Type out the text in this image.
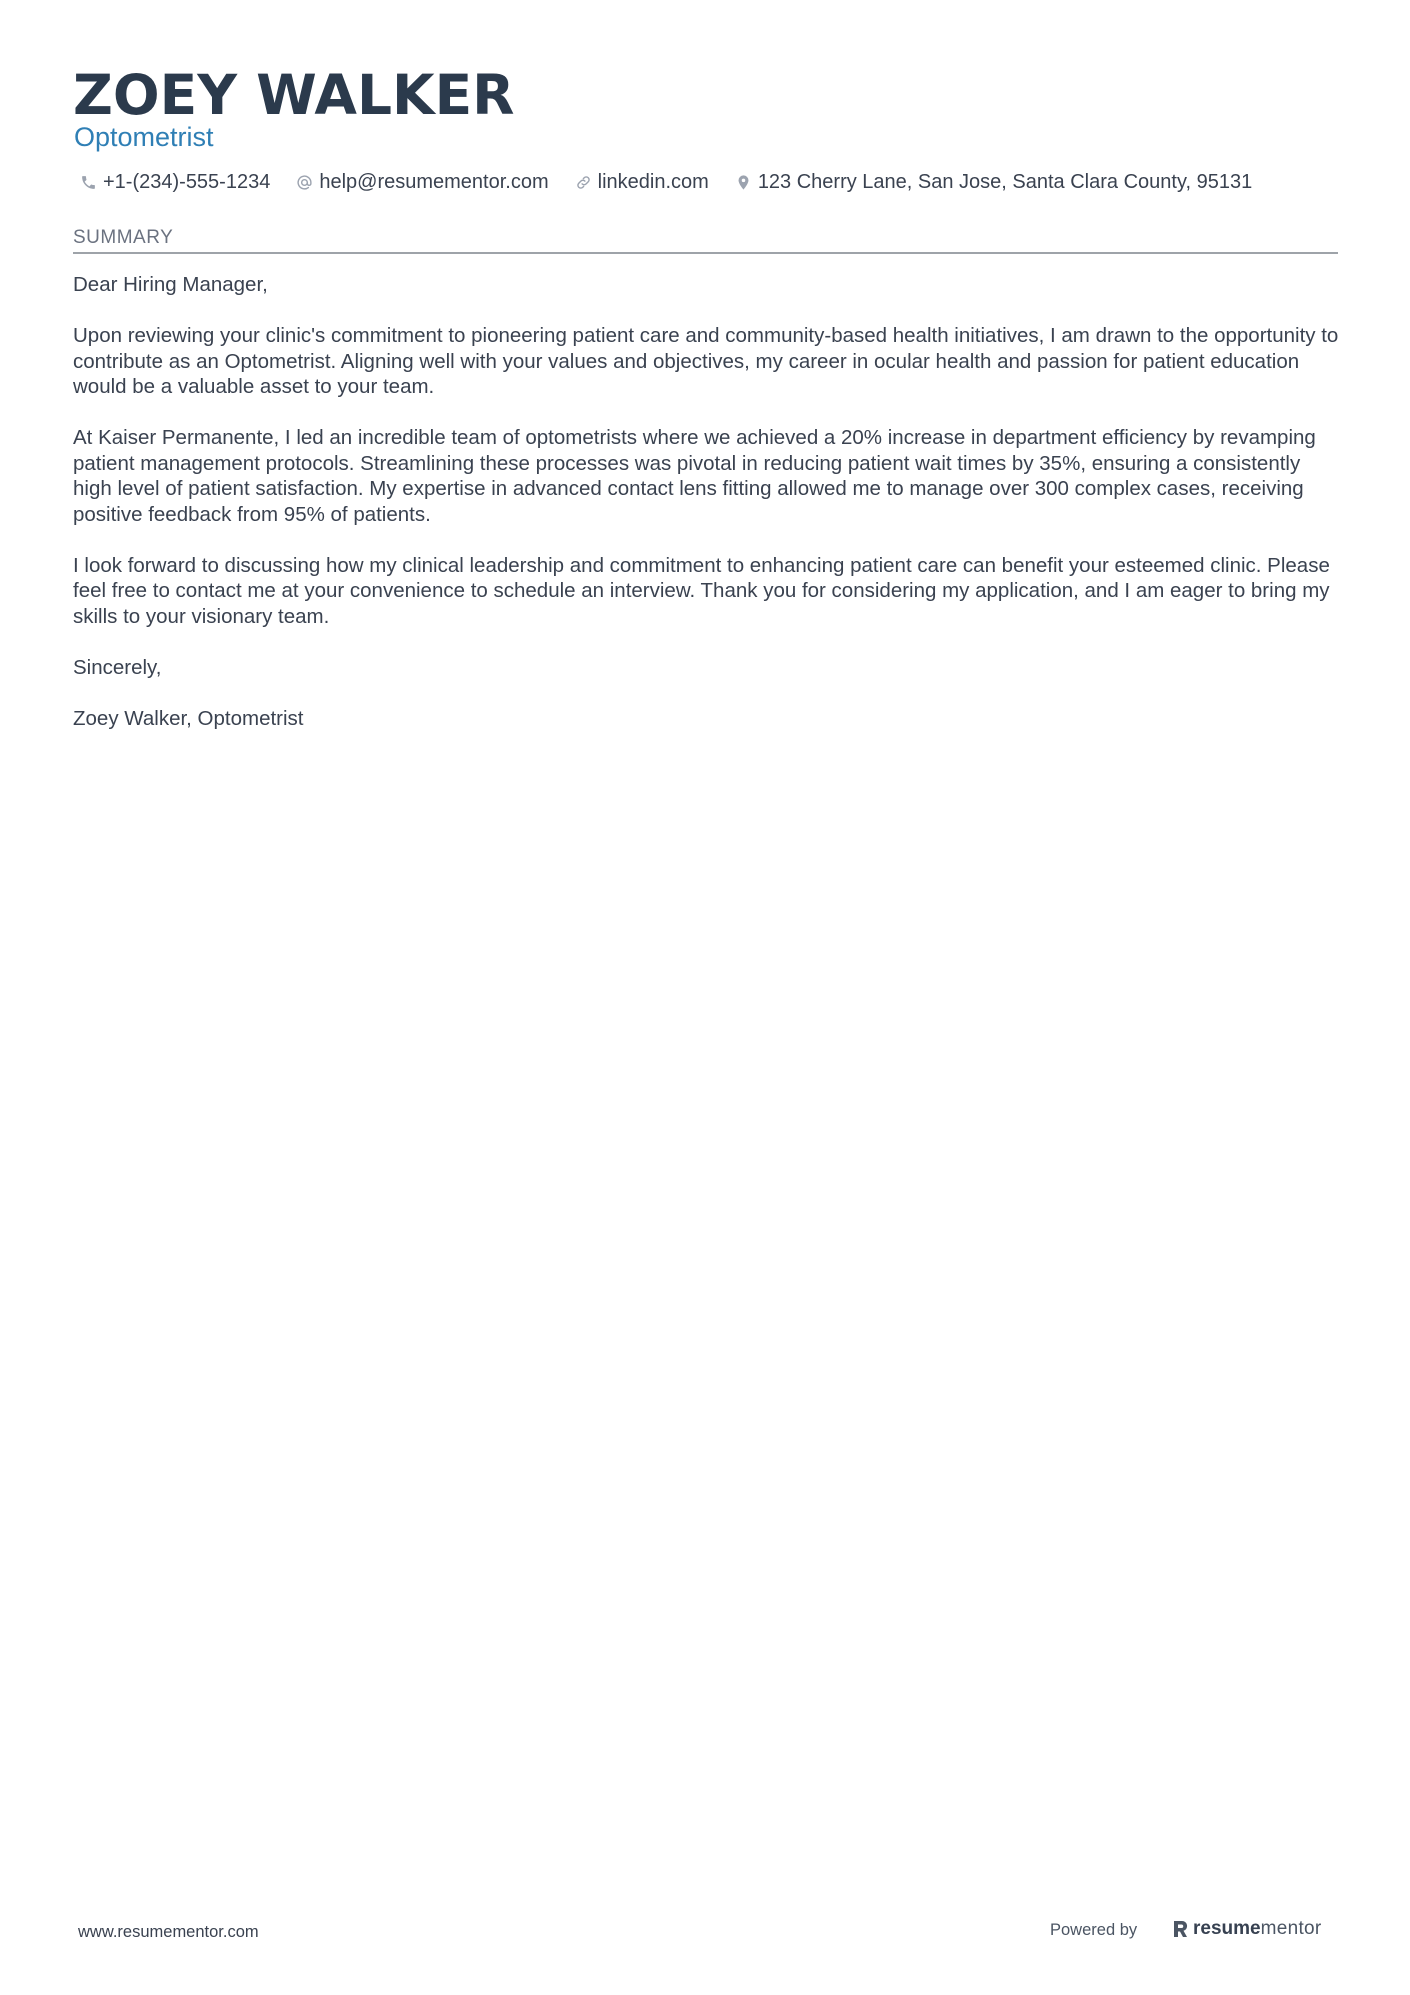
ZOEY WALKER
Optometrist
+1-(234)-555-1234 help@resumementor.com linkedin.com 123 Cherry Lane, San Jose, Santa Clara County, 95131
SUMMARY

Dear Hiring Manager,

Upon reviewing your clinic's commitment to pioneering patient care and community-based health initiatives, I am drawn to the opportunity to contribute as an Optometrist. Aligning well with your values and objectives, my career in ocular health and passion for patient education would be a valuable asset to your team.

At Kaiser Permanente, I led an incredible team of optometrists where we achieved a 20% increase in department efficiency by revamping patient management protocols. Streamlining these processes was pivotal in reducing patient wait times by 35%, ensuring a consistently high level of patient satisfaction. My expertise in advanced contact lens fitting allowed me to manage over 300 complex cases, receiving positive feedback from 95% of patients.

I look forward to discussing how my clinical leadership and commitment to enhancing patient care can benefit your esteemed clinic. Please feel free to contact me at your convenience to schedule an interview. Thank you for considering my application, and I am eager to bring my skills to your visionary team.

Sincerely,

Zoey Walker, Optometrist

www.resumementor.com	Powered by	resume mentor
